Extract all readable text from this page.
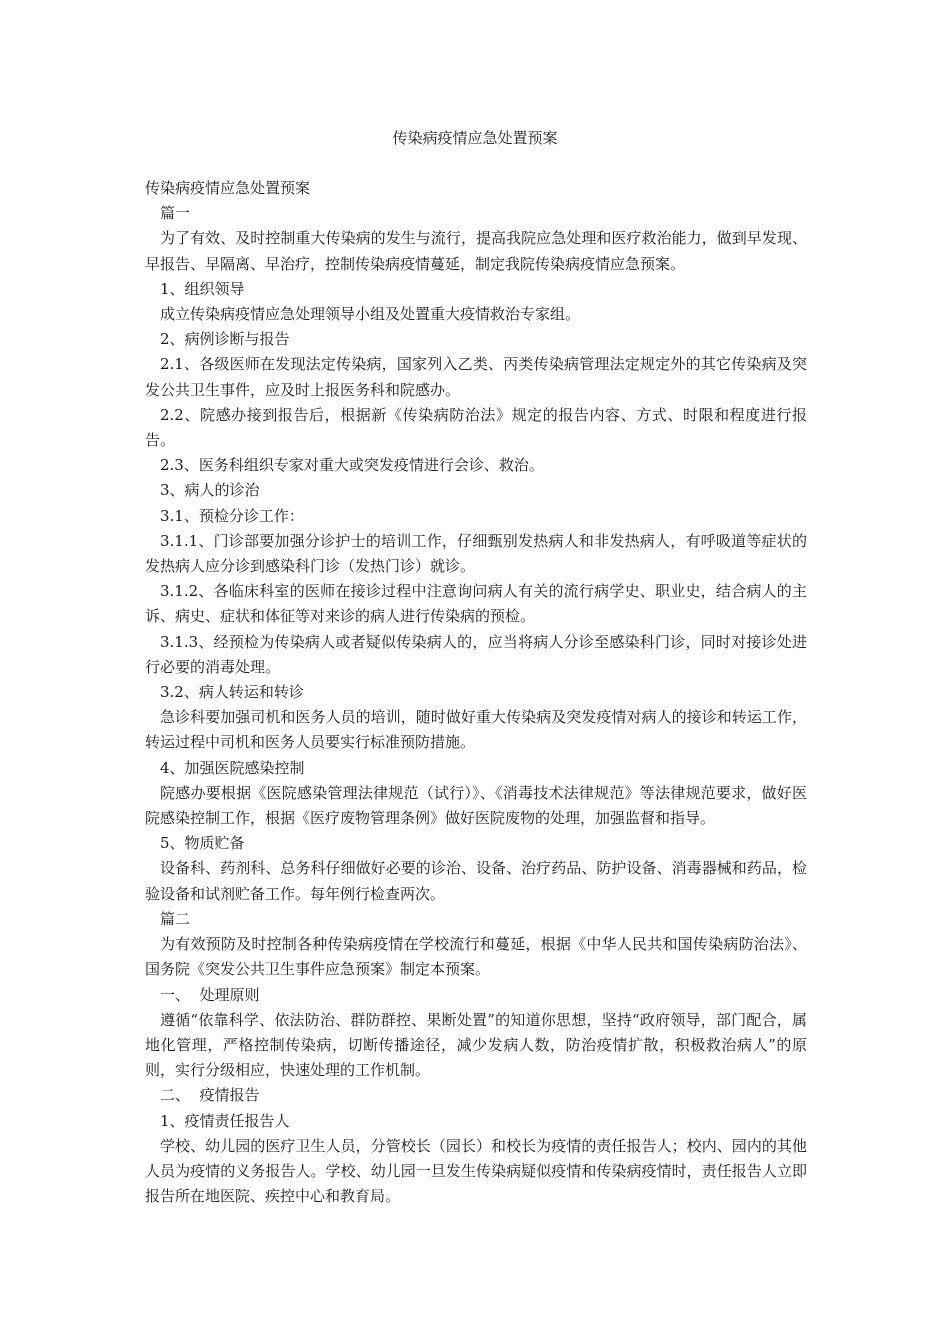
传染病疫情应急处置预案

传染病疫情应急处置预案

篇一

为了有效、及时控制重大传染病的发生与流行，提高我院应急处理和医疗救治能力，做到早发现、早报告、早隔离、早治疗，控制传染病疫情蔓延，制定我院传染病疫情应急预案。

1、组织领导

成立传染病疫情应急处理领导小组及处置重大疫情救治专家组。

2、病例诊断与报告

2.1、各级医师在发现法定传染病，国家列入乙类、丙类传染病管理法定规定外的其它传染病及突发公共卫生事件，应及时上报医务科和院感办。

2.2、院感办接到报告后，根据新《传染病防治法》规定的报告内容、方式、时限和程度进行报告。

2.3、医务科组织专家对重大或突发疫情进行会诊、救治。

3、病人的诊治

3.1、预检分诊工作：

3.1.1、门诊部要加强分诊护士的培训工作，仔细甄别发热病人和非发热病人，有呼吸道等症状的发热病人应分诊到感染科门诊（发热门诊）就诊。

3.1.2、各临床科室的医师在接诊过程中注意询问病人有关的流行病学史、职业史，结合病人的主诉、病史、症状和体征等对来诊的病人进行传染病的预检。

3.1.3、经预检为传染病人或者疑似传染病人的，应当将病人分诊至感染科门诊，同时对接诊处进行必要的消毒处理。

3.2、病人转运和转诊

急诊科要加强司机和医务人员的培训，随时做好重大传染病及突发疫情对病人的接诊和转运工作，转运过程中司机和医务人员要实行标准预防措施。

4、加强医院感染控制

院感办要根据《医院感染管理法律规范（试行）》、《消毒技术法律规范》等法律规范要求，做好医院感染控制工作，根据《医疗废物管理条例》做好医院废物的处理，加强监督和指导。

5、物质贮备

设备科、药剂科、总务科仔细做好必要的诊治、设备、治疗药品、防护设备、消毒器械和药品，检验设备和试剂贮备工作。每年例行检查两次。

篇二

为有效预防及时控制各种传染病疫情在学校流行和蔓延，根据《中华人民共和国传染病防治法》、国务院《突发公共卫生事件应急预案》制定本预案。

一、  处理原则

遵循“依靠科学、依法防治、群防群控、果断处置”的知道你思想，坚持“政府领导，部门配合，属地化管理，严格控制传染病，切断传播途径，减少发病人数，防治疫情扩散，积极救治病人”的原则，实行分级相应，快速处理的工作机制。

二、  疫情报告

1、疫情责任报告人

学校、幼儿园的医疗卫生人员，分管校长（园长）和校长为疫情的责任报告人；校内、园内的其他人员为疫情的义务报告人。学校、幼儿园一旦发生传染病疑似疫情和传染病疫情时，责任报告人立即报告所在地医院、疾控中心和教育局。
